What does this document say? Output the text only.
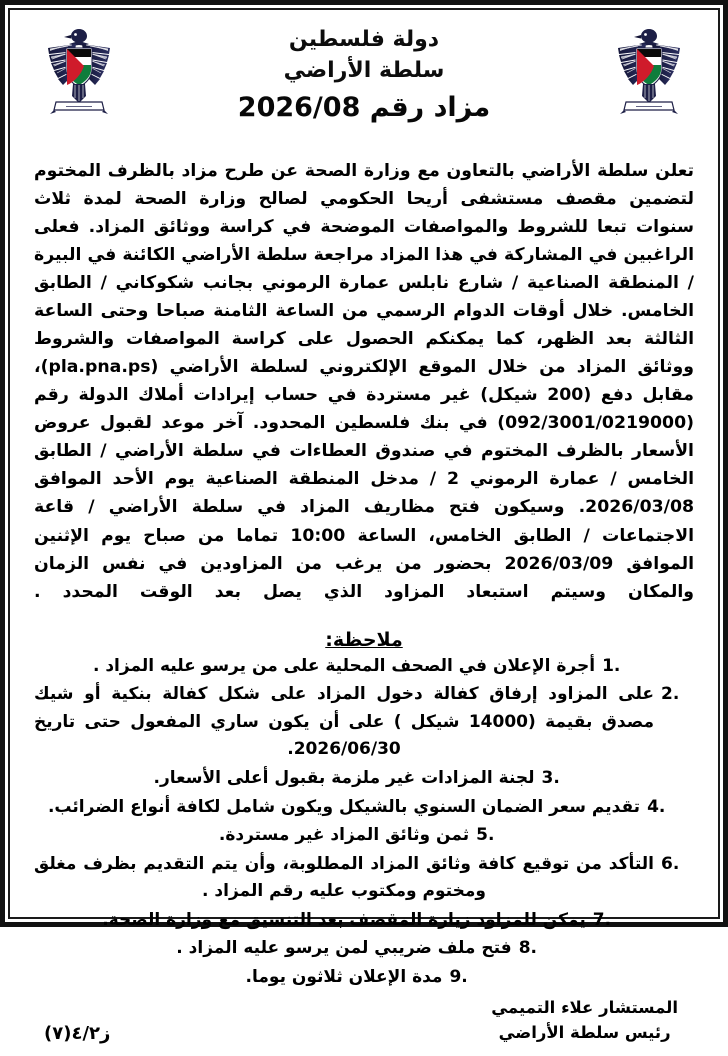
دولة فلسطين
سلطة الأراضي
مزاد رقم 2026/08

تعلن سلطة الأراضي بالتعاون مع وزارة الصحة عن طرح مزاد بالظرف المختوم لتضمين مقصف مستشفى أريحا الحكومي لصالح وزارة الصحة لمدة ثلاث سنوات تبعا للشروط والمواصفات الموضحة في كراسة ووثائق المزاد. فعلى الراغبين في المشاركة في هذا المزاد مراجعة سلطة الأراضي الكائنة في البيرة / المنطقة الصناعية / شارع نابلس عمارة الرموني بجانب شكوكاني / الطابق الخامس. خلال أوقات الدوام الرسمي من الساعة الثامنة صباحا وحتى الساعة الثالثة بعد الظهر، كما يمكنكم الحصول على كراسة المواصفات والشروط ووثائق المزاد من خلال الموقع الإلكتروني لسلطة الأراضي (pla.pna.ps)، مقابل دفع (200 شيكل) غير مستردة في حساب إيرادات أملاك الدولة رقم (092/3001/0219000) في بنك فلسطين المحدود. آخر موعد لقبول عروض الأسعار بالظرف المختوم في صندوق العطاءات في سلطة الأراضي / الطابق الخامس / عمارة الرموني 2 / مدخل المنطقة الصناعية يوم الأحد الموافق 2026/03/08. وسيكون فتح مظاريف المزاد في سلطة الأراضي / قاعة الاجتماعات / الطابق الخامس، الساعة 10:00 تماما من صباح يوم الإثنين الموافق 2026/03/09 بحضور من يرغب من المزاودين في نفس الزمان والمكان وسيتم استبعاد المزاود الذي يصل بعد الوقت المحدد .

ملاحظة:
1.
أجرة الإعلان في الصحف المحلية على من يرسو عليه المزاد .
2.
على المزاود إرفاق كفالة دخول المزاد على شكل كفالة بنكية أو شيك مصدق بقيمة (14000 شيكل ) على أن يكون ساري المفعول حتى تاريخ 2026/06/30.
3.
لجنة المزادات غير ملزمة بقبول أعلى الأسعار.
4.
تقديم سعر الضمان السنوي بالشيكل ويكون شامل لكافة أنواع الضرائب.
5.
ثمن وثائق المزاد غير مستردة.
6.
التأكد من توقيع كافة وثائق المزاد المطلوبة، وأن يتم التقديم بظرف مغلق ومختوم ومكتوب عليه رقم المزاد .
7.
يمكن للمزاود زيارة المقصف بعد التنسيق مع وزارة الصحة.
8.
فتح ملف ضريبي لمن يرسو عليه المزاد .
9.
مدة الإعلان ثلاثون يوما.
المستشار علاء التميمي
رئيس سلطة الأراضي
ز٤/٢(٧)
